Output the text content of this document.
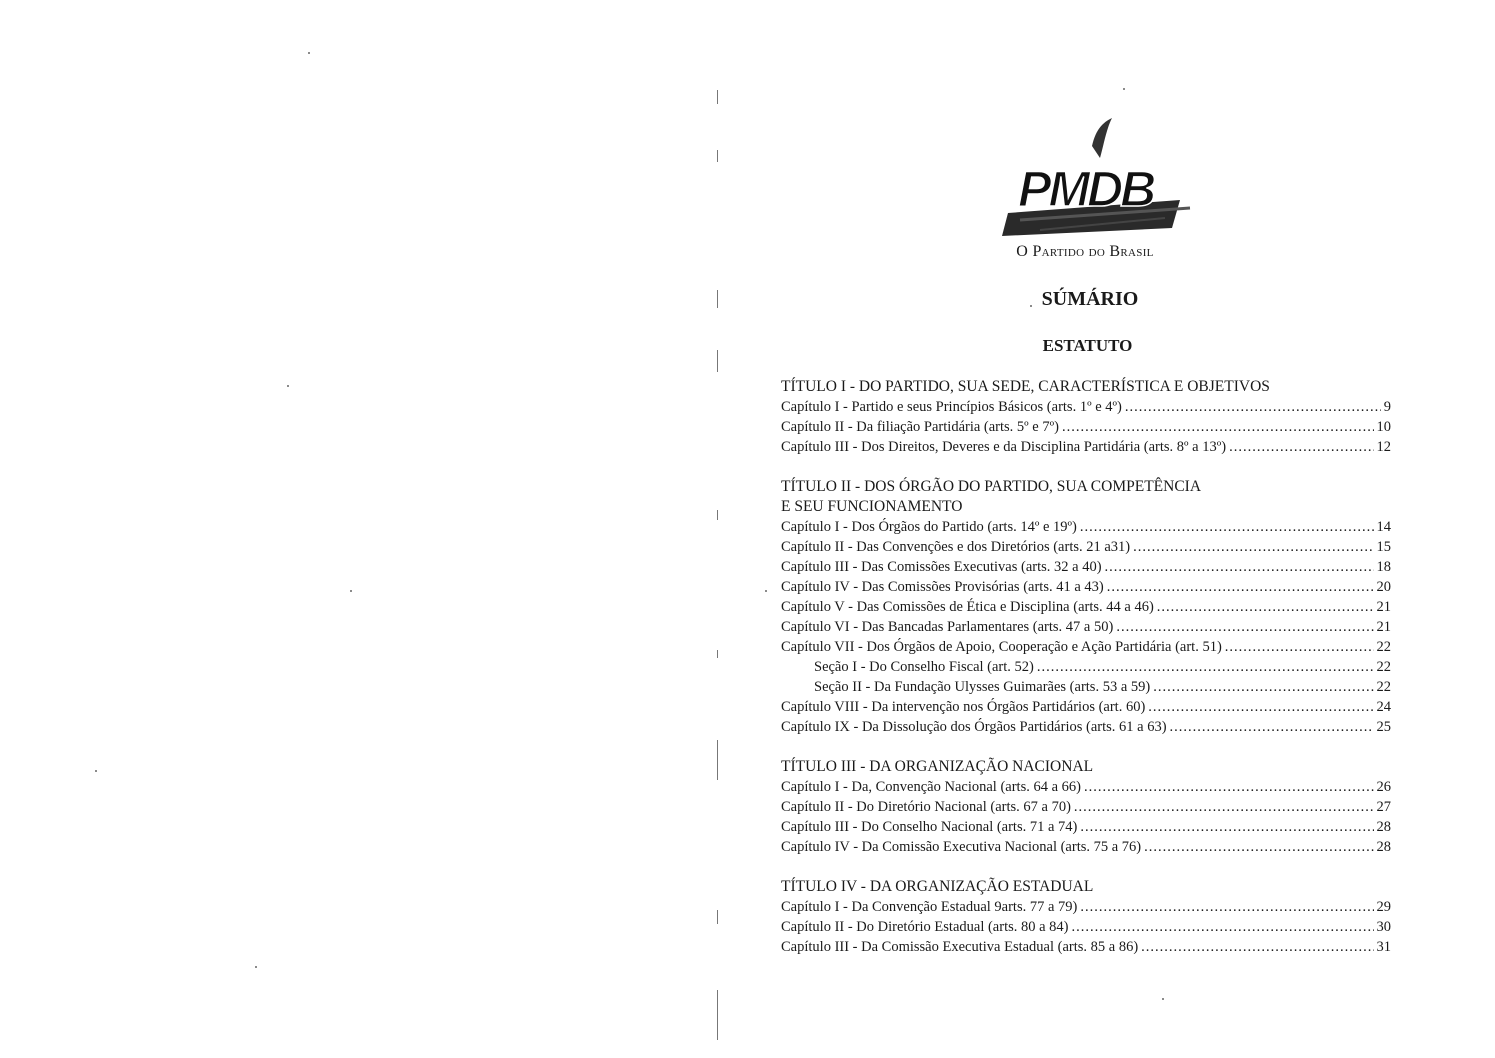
PMDB
O Partido do Brasil
SÚMÁRIO
ESTATUTO
TÍTULO I - DO PARTIDO, SUA SEDE, CARACTERÍSTICA E OBJETIVOS
Capítulo I - Partido e seus Princípios Básicos (arts. 1º e 4º) .....	9
Capítulo II - Da filiação Partidária (arts. 5º e 7º) .....	10
Capítulo III - Dos Direitos, Deveres e da Disciplina Partidária (arts. 8º a 13º) .....	12
TÍTULO II - DOS ÓRGÃO DO PARTIDO, SUA COMPETÊNCIA
E SEU FUNCIONAMENTO
Capítulo I - Dos Órgãos do Partido (arts. 14º e 19º) .....	14
Capítulo II - Das Convenções e dos Diretórios (arts. 21 a31) .....	15
Capítulo III - Das Comissões Executivas (arts. 32 a 40) .....	18
Capítulo IV - Das Comissões Provisórias (arts. 41 a 43) .....	20
Capítulo V - Das Comissões de Ética e Disciplina (arts. 44 a 46) .....	21
Capítulo VI - Das Bancadas Parlamentares (arts. 47 a 50) .....	21
Capítulo VII - Dos Órgãos de Apoio, Cooperação e Ação Partidária (art. 51) .....	22
Seção I - Do Conselho Fiscal (art. 52) .....	22
Seção II - Da Fundação Ulysses Guimarães (arts. 53 a 59) .....	22
Capítulo VIII - Da intervenção nos Órgãos Partidários (art. 60) .....	24
Capítulo IX - Da Dissolução dos Órgãos Partidários (arts. 61 a 63) .....	25
TÍTULO III - DA ORGANIZAÇÃO NACIONAL
Capítulo I - Da, Convenção Nacional (arts. 64 a 66) .....	26
Capítulo II - Do Diretório Nacional (arts. 67 a 70) .....	27
Capítulo III - Do Conselho Nacional (arts. 71 a 74) .....	28
Capítulo IV - Da Comissão Executiva Nacional (arts. 75 a 76) .....	28
TÍTULO IV - DA ORGANIZAÇÃO ESTADUAL
Capítulo I - Da Convenção Estadual 9arts. 77 a 79) .....	29
Capítulo II - Do Diretório Estadual (arts. 80 a 84) .....	30
Capítulo III - Da Comissão Executiva Estadual (arts. 85 a 86) .....	31
